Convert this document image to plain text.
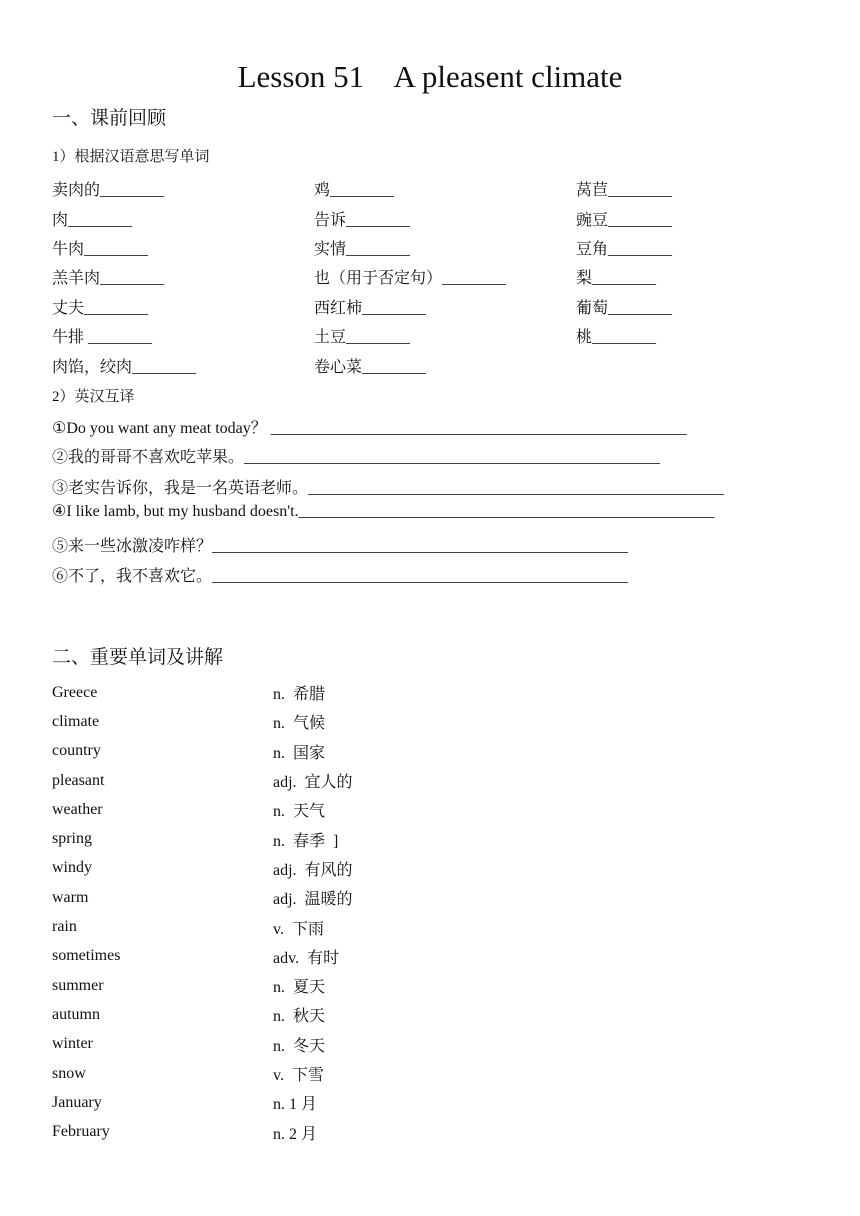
Lesson 51    A pleasent climate
一、课前回顾
1）根据汉语意思写单词
卖肉的________	鸡________	莴苣________
肉________	告诉________	豌豆________
牛肉________	实情________	豆角________
羔羊肉________	也（用于否定句）________	梨________
丈夫________	西红柿________	葡萄________
牛排 ________	土豆________	桃________
肉馅，绞肉________	卷心菜________
2）英汉互译
①Do you want any meat today？ ____________________________________________________
②我的哥哥不喜欢吃苹果。____________________________________________________
③老实告诉你，我是一名英语老师。____________________________________________________
④I like lamb, but my husband doesn't.____________________________________________________
⑤来一些冰激凌咋样？____________________________________________________
⑥不了，我不喜欢它。____________________________________________________
二、重要单词及讲解
Greece	n.  希腊
climate	n.  气候
country	n.  国家
pleasant	adj.  宜人的
weather	n.  天气
spring	n.  春季  ]
windy	adj.  有风的
warm	adj.  温暖的
rain	v.  下雨
sometimes	adv.  有时
summer	n.  夏天
autumn	n.  秋天
winter	n.  冬天
snow	v.  下雪
January	n. 1 月
February	n. 2 月
